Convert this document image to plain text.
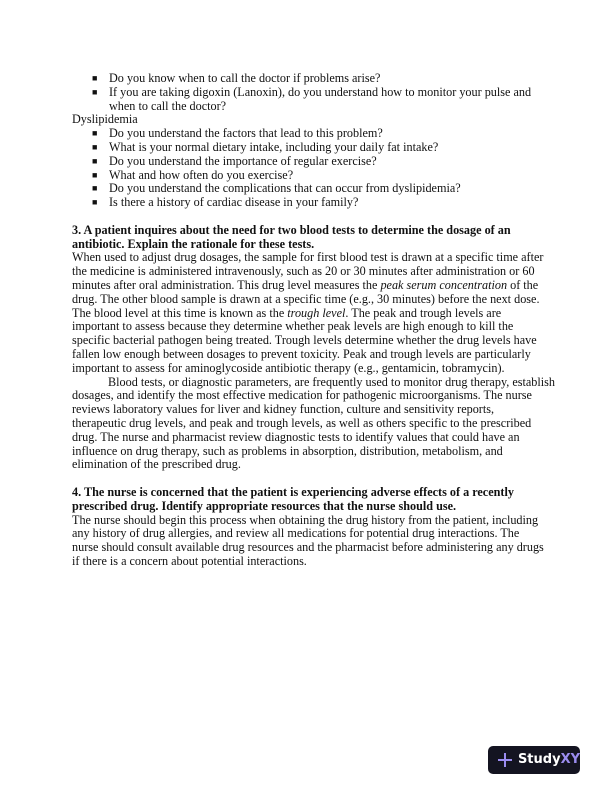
■ Do you know when to call the doctor if problems arise?
■ If you are taking digoxin (Lanoxin), do you understand how to monitor your pulse and
when to call the doctor?
Dyslipidemia
■ Do you understand the factors that lead to this problem?
■ What is your normal dietary intake, including your daily fat intake?
■ Do you understand the importance of regular exercise?
■ What and how often do you exercise?
■ Do you understand the complications that can occur from dyslipidemia?
■ Is there a history of cardiac disease in your family?
3. A patient inquires about the need for two blood tests to determine the dosage of an
antibiotic. Explain the rationale for these tests.
When used to adjust drug dosages, the sample for first blood test is drawn at a specific time after
the medicine is administered intravenously, such as 20 or 30 minutes after administration or 60
minutes after oral administration. This drug level measures the peak serum concentration of the
drug. The other blood sample is drawn at a specific time (e.g., 30 minutes) before the next dose.
The blood level at this time is known as the trough level. The peak and trough levels are
important to assess because they determine whether peak levels are high enough to kill the
specific bacterial pathogen being treated. Trough levels determine whether the drug levels have
fallen low enough between dosages to prevent toxicity. Peak and trough levels are particularly
important to assess for aminoglycoside antibiotic therapy (e.g., gentamicin, tobramycin).
Blood tests, or diagnostic parameters, are frequently used to monitor drug therapy, establish
dosages, and identify the most effective medication for pathogenic microorganisms. The nurse
reviews laboratory values for liver and kidney function, culture and sensitivity reports,
therapeutic drug levels, and peak and trough levels, as well as others specific to the prescribed
drug. The nurse and pharmacist review diagnostic tests to identify values that could have an
influence on drug therapy, such as problems in absorption, distribution, metabolism, and
elimination of the prescribed drug.
4. The nurse is concerned that the patient is experiencing adverse effects of a recently
prescribed drug. Identify appropriate resources that the nurse should use.
The nurse should begin this process when obtaining the drug history from the patient, including
any history of drug allergies, and review all medications for potential drug interactions. The
nurse should consult available drug resources and the pharmacist before administering any drugs
if there is a concern about potential interactions.
StudyXY
